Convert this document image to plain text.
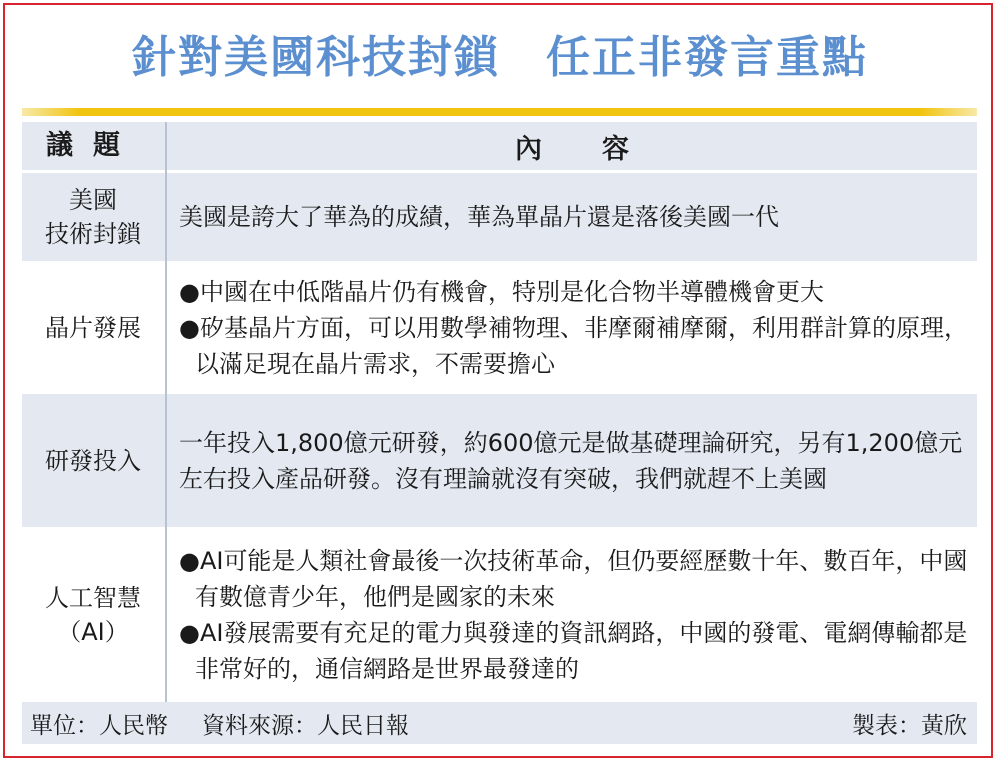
針對美國科技封鎖　任正非發言重點
議題	內容
美國
技術封鎖
美國是誇大了華為的成績，華為單晶片還是落後美國一代
晶片發展
●中國在中低階晶片仍有機會，特別是化合物半導體機會更大
●矽基晶片方面，可以用數學補物理、非摩爾補摩爾，利用群計算的原理，以滿足現在晶片需求，不需要擔心
研發投入
一年投入1,800億元研發，約600億元是做基礎理論研究，另有1,200億元左右投入產品研發。沒有理論就沒有突破，我們就趕不上美國
人工智慧
（AI）
●AI可能是人類社會最後一次技術革命，但仍要經歷數十年、數百年，中國有數億青少年，他們是國家的未來
●AI發展需要有充足的電力與發達的資訊網路，中國的發電、電網傳輸都是非常好的，通信網路是世界最發達的
單位：人民幣 資料來源：人民日報	製表：黃欣
